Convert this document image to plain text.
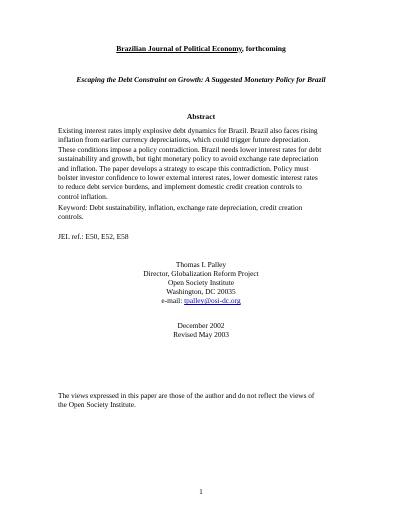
Brazilian Journal of Political Economy, forthcoming
Escaping the Debt Constraint on Growth: A Suggested Monetary Policy for Brazil
Abstract
Existing interest rates imply explosive debt dynamics for Brazil. Brazil also faces rising
inflation from earlier currency depreciations, which could trigger future depreciation.
These conditions impose a policy contradiction. Brazil needs lower interest rates for debt
sustainability and growth, but tight monetary policy to avoid exchange rate depreciation
and inflation. The paper develops a strategy to escape this contradiction. Policy must
bolster investor confidence to lower external interest rates, lower domestic interest rates
to reduce debt service burdens, and implement domestic credit creation controls to
control inflation.
Keyword: Debt sustainability, inflation, exchange rate depreciation, credit creation
controls.
JEL ref.: E50, E52, E58
Thomas I. Palley
Director, Globalization Reform Project
Open Society Institute
Washington, DC 20035
e-mail: tpalley@osi-dc.org
December 2002
Revised May 2003
The views expressed in this paper are those of the author and do not reflect the views of
the Open Society Institute.
1
